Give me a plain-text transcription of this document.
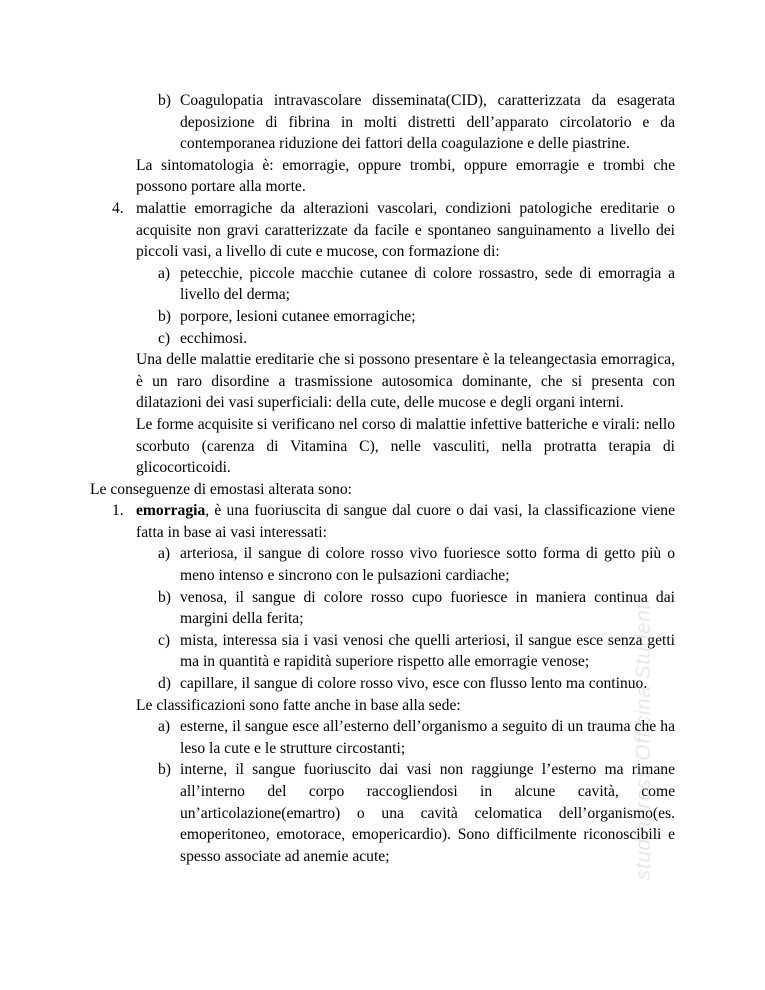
b) Coagulopatia intravascolare disseminata(CID), caratterizzata da esagerata deposizione di fibrina in molti distretti dell’apparato circolatorio e da contemporanea riduzione dei fattori della coagulazione e delle piastrine.

La sintomatologia è: emorragie, oppure trombi, oppure emorragie e trombi che possono portare alla morte.

4. malattie emorragiche da alterazioni vascolari, condizioni patologiche ereditarie o acquisite non gravi caratterizzate da facile e spontaneo sanguinamento a livello dei piccoli vasi, a livello di cute e mucose, con formazione di:

a) petecchie, piccole macchie cutanee di colore rossastro, sede di emorragia a livello del derma;

b) porpore, lesioni cutanee emorragiche;

c) ecchimosi.

Una delle malattie ereditarie che si possono presentare è la teleangectasia emorragica, è un raro disordine a trasmissione autosomica dominante, che si presenta con dilatazioni dei vasi superficiali: della cute, delle mucose e degli organi interni.

Le forme acquisite si verificano nel corso di malattie infettive batteriche e virali: nello scorbuto (carenza di Vitamina C), nelle vasculiti, nella protratta terapia di glicocorticoidi.

Le conseguenze di emostasi alterata sono:

1. emorragia, è una fuoriuscita di sangue dal cuore o dai vasi, la classificazione viene fatta in base ai vasi interessati:

a) arteriosa, il sangue di colore rosso vivo fuoriesce sotto forma di getto più o meno intenso e sincrono con le pulsazioni cardiache;

b) venosa, il sangue di colore rosso cupo fuoriesce in maniera continua dai margini della ferita;

c) mista, interessa sia i vasi venosi che quelli arteriosi, il sangue esce senza getti ma in quantità e rapidità superiore rispetto alle emorragie venose;

d) capillare, il sangue di colore rosso vivo, esce con flusso lento ma continuo.

Le classificazioni sono fatte anche in base alla sede:

a) esterne, il sangue esce all’esterno dell’organismo a seguito di un trauma che ha leso la cute e le strutture circostanti;

b) interne, il sangue fuoriuscito dai vasi non raggiunge l’esterno ma rimane all’interno del corpo raccogliendosi in alcune cavità, come un’articolazione(emartro) o una cavità celomatica dell’organismo(es. emoperitoneo, emotorace, emopericardio). Sono difficilmente riconoscibili e spesso associate ad anemie acute;	studiapress Officina Studenti
